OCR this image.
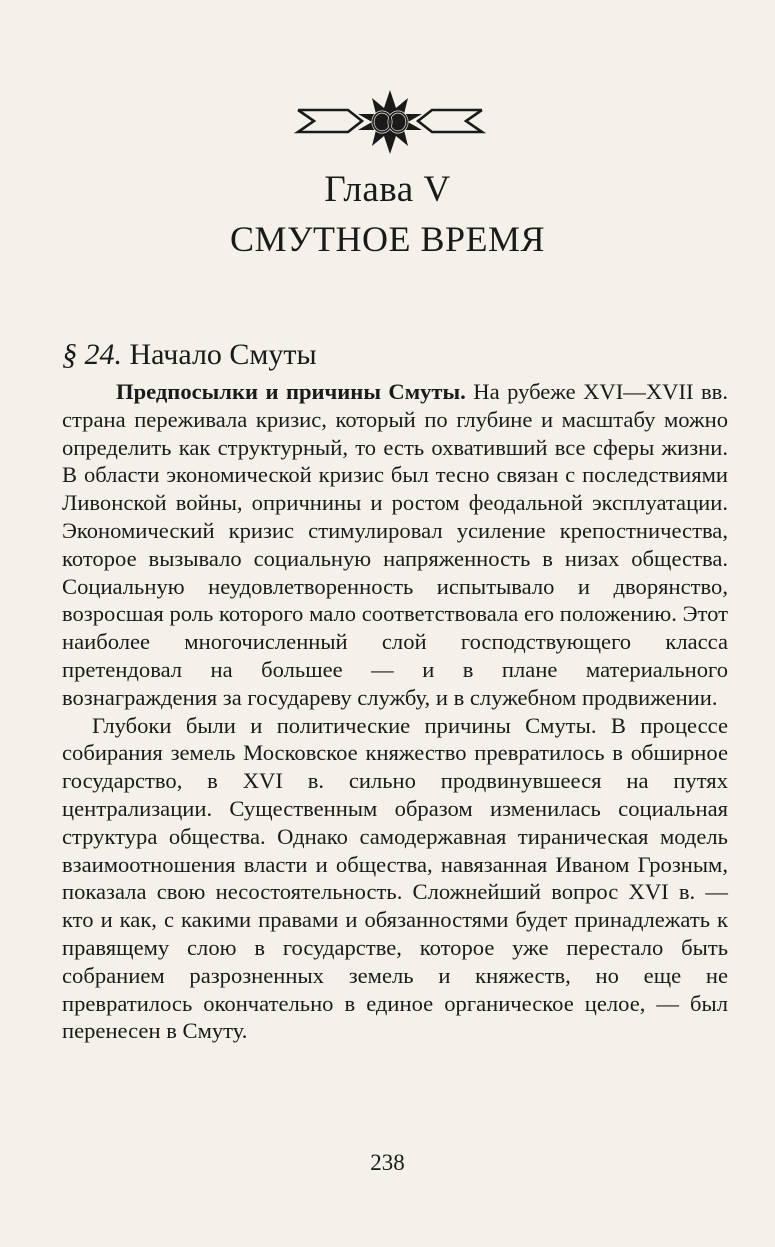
Глава V
СМУТНОЕ ВРЕМЯ
§ 24. Начало Смуты

Предпосылки и причины Смуты. На рубеже XVI—XVII вв. страна переживала кризис, который по глубине и масштабу можно определить как структурный, то есть охвативший все сферы жизни. В области экономической кризис был тесно связан с последствиями Ливонской войны, опричнины и ростом феодальной эксплуатации. Экономический кризис стимулировал усиление крепостничества, которое вызывало социальную напряженность в низах общества. Социальную неудовлетворенность испытывало и дворянство, возросшая роль которого мало соответствовала его положению. Этот наиболее многочисленный слой господствующего класса претендовал на большее — и в плане материального вознаграждения за государеву службу, и в служебном продвижении.

Глубоки были и политические причины Смуты. В процессе собирания земель Московское княжество превратилось в обширное государство, в XVI в. сильно продвинувшееся на путях централизации. Существенным образом изменилась социальная структура общества. Однако самодержавная тираническая модель взаимоотношения власти и общества, навязанная Иваном Грозным, показала свою несостоятельность. Сложнейший вопрос XVI в. — кто и как, с какими правами и обязанностями будет принадлежать к правящему слою в государстве, которое уже перестало быть собранием разрозненных земель и княжеств, но еще не превратилось окончательно в единое органическое целое, — был перенесен в Смуту.

238
